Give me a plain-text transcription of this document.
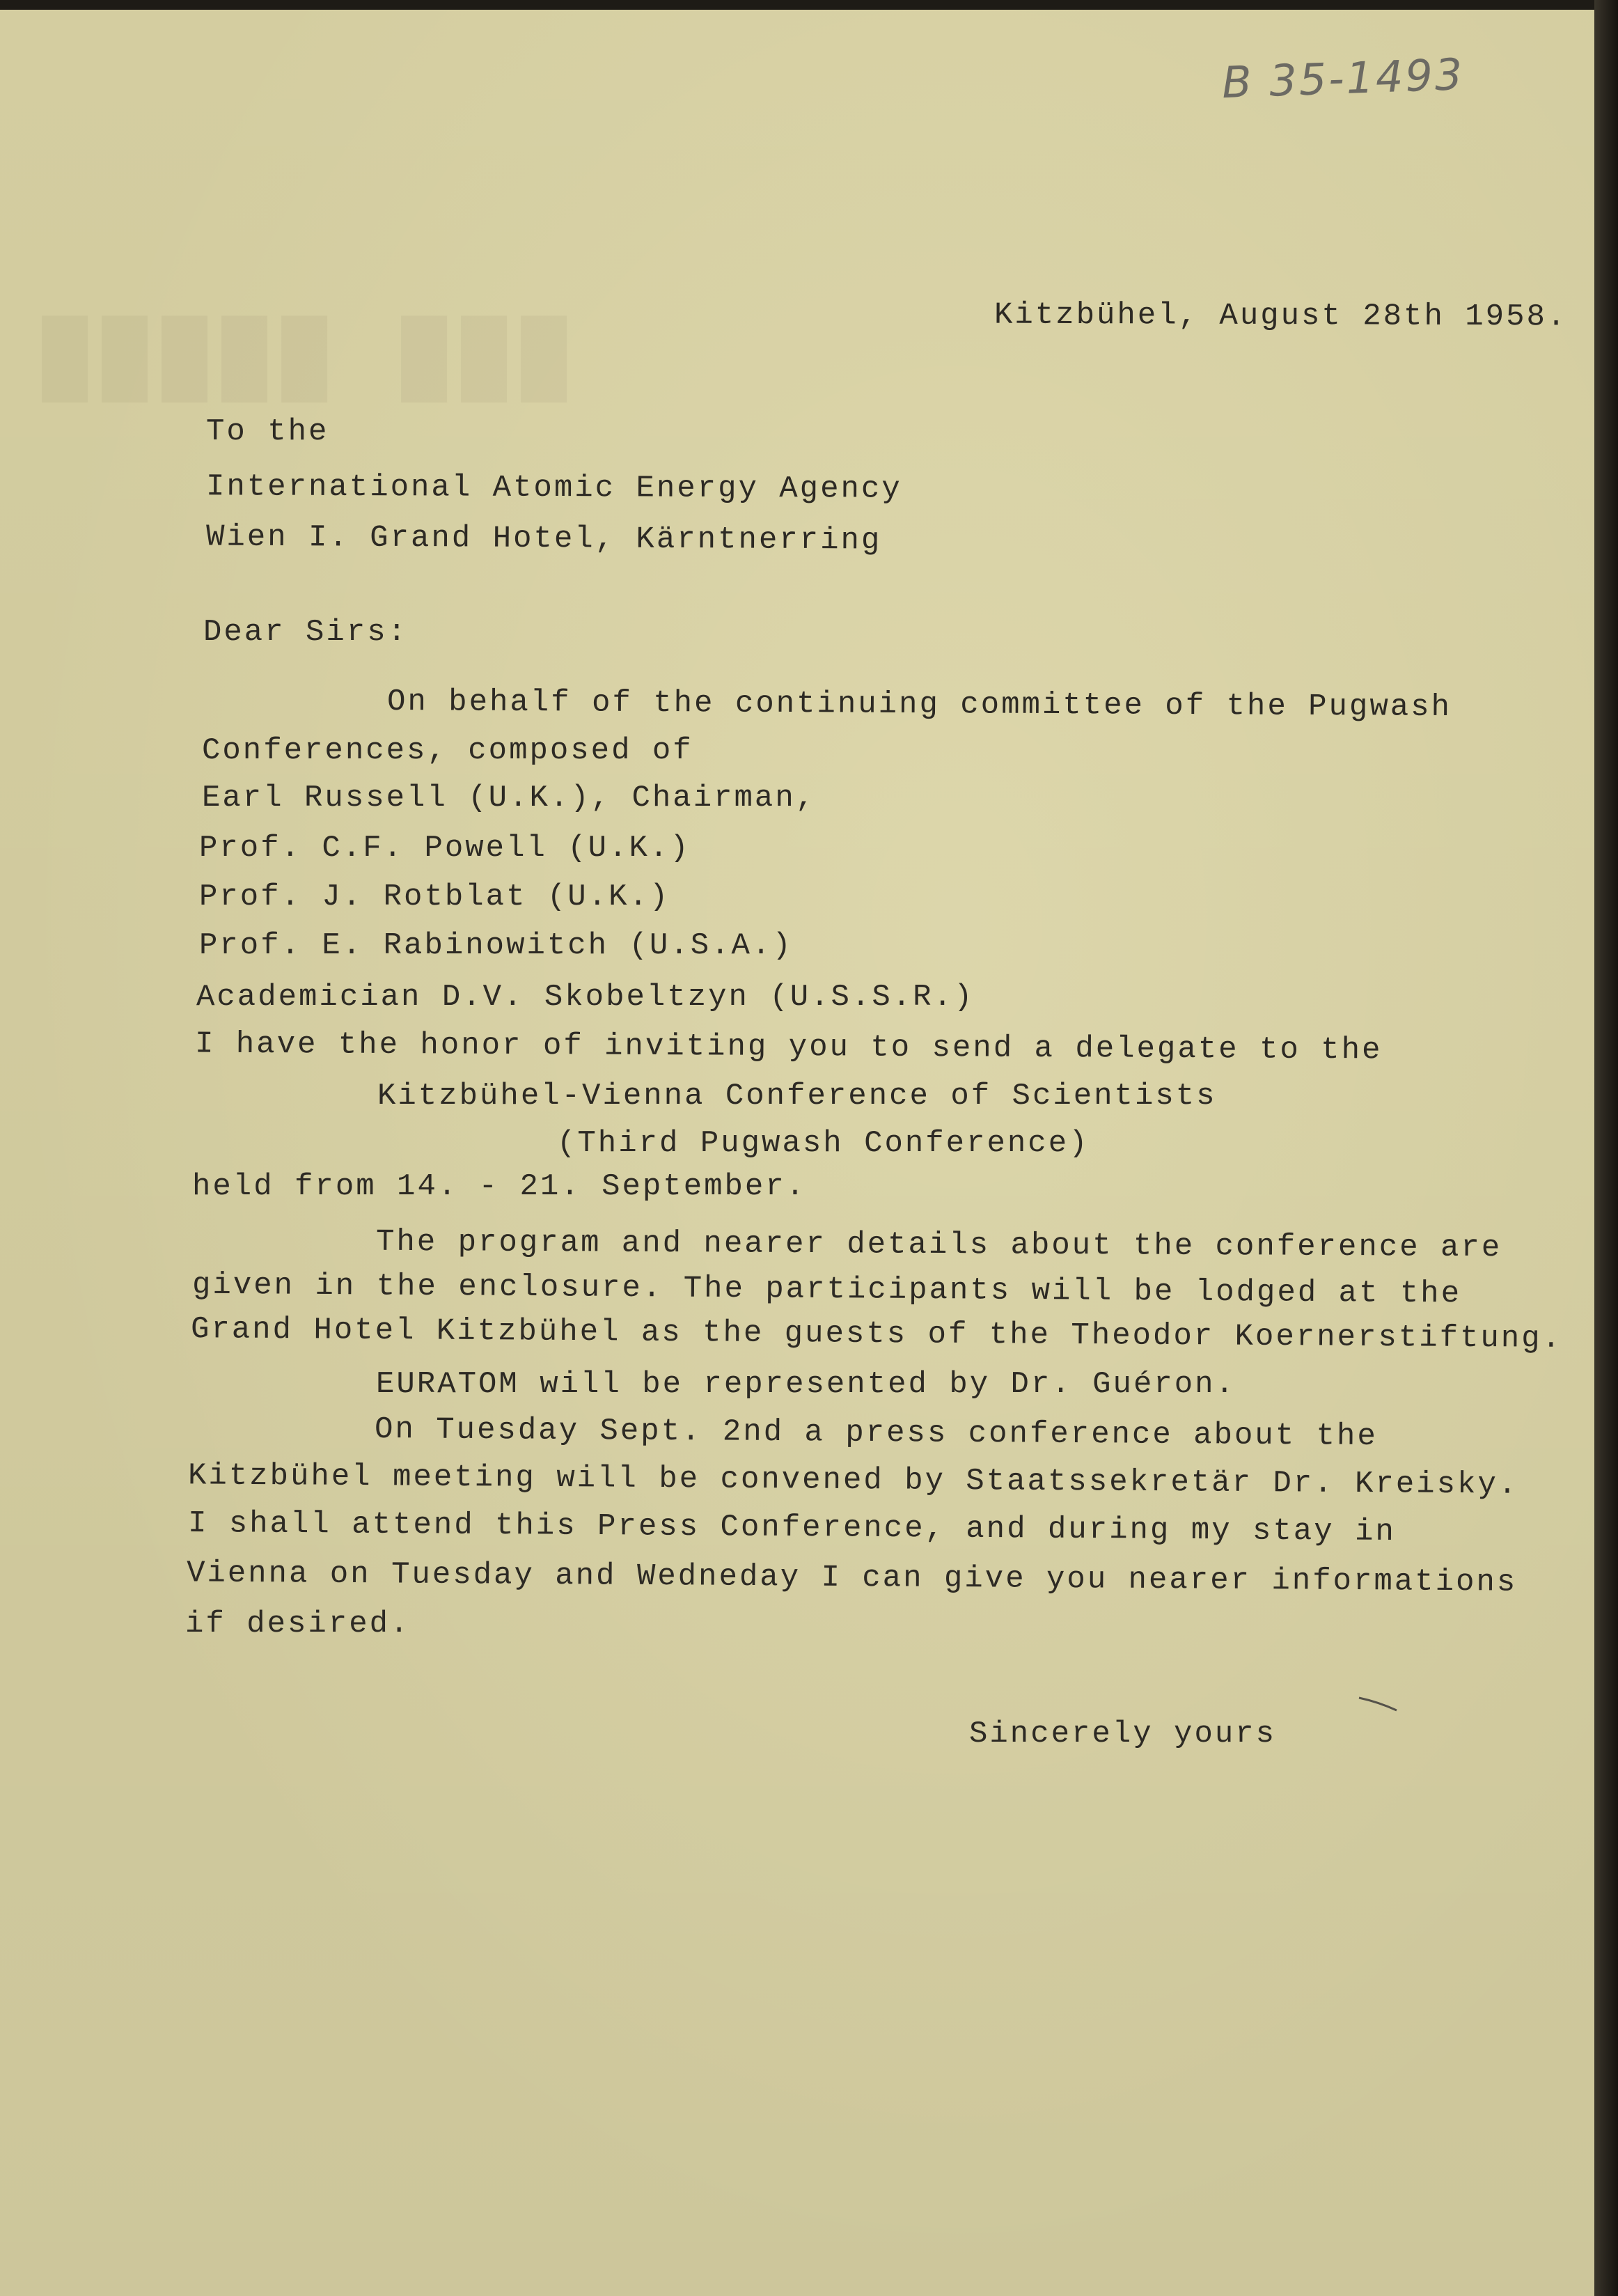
███ █████
B 35-1493
Kitzbühel, August 28th 1958.
To the
International Atomic Energy Agency
Wien I. Grand Hotel, Kärntnerring
Dear Sirs:
On behalf of the continuing committee of the Pugwash
Conferences, composed of
Earl Russell (U.K.), Chairman,
Prof. C.F. Powell (U.K.)
Prof. J. Rotblat (U.K.)
Prof. E. Rabinowitch (U.S.A.)
Academician D.V. Skobeltzyn (U.S.S.R.)
I have the honor of inviting you to send a delegate to the
Kitzbühel-Vienna Conference of Scientists
(Third Pugwash Conference)
held from 14. - 21. September.
The program and nearer details about the conference are
given in the enclosure. The participants will be lodged at the
Grand Hotel Kitzbühel as the guests of the Theodor Koernerstiftung.
EURATOM will be represented by Dr. Guéron.
On Tuesday Sept. 2nd a press conference about the
Kitzbühel meeting will be convened by Staatssekretär Dr. Kreisky.
I shall attend this Press Conference, and during my stay in
Vienna on Tuesday and Wedneday I can give you nearer informations
if desired.
Sincerely yours
